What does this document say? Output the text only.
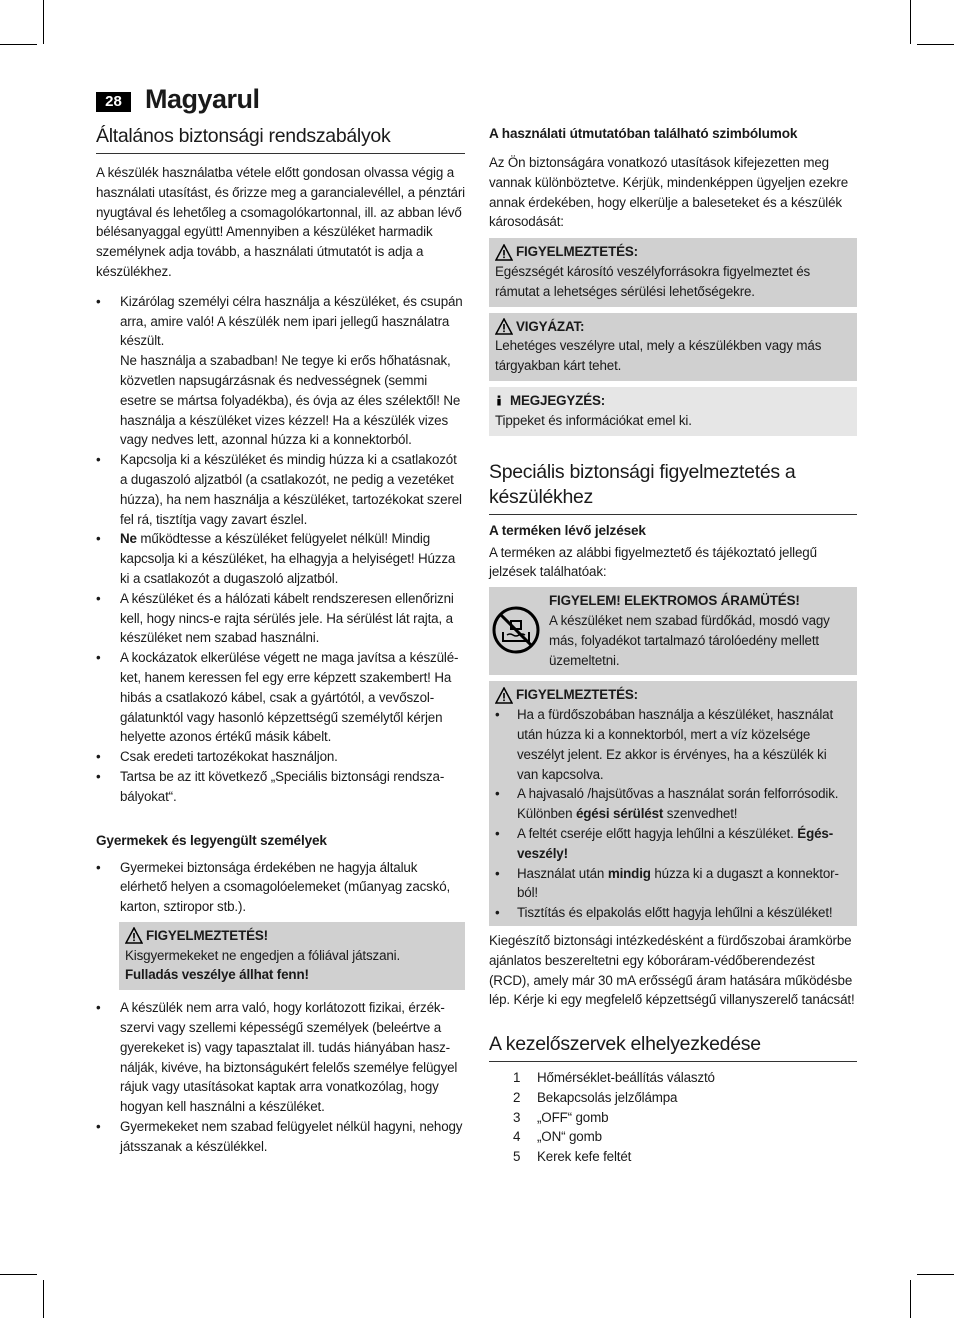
28 Magyarul
Általános biztonsági rendszabályok

A készülék használatba vétele előtt gondosan olvassa végig a használati utasítást, és őrizze meg a garancialevéllel, a pénztári nyugtával és lehetőleg a csomagolókartonnal, ill. az abban lévő bélésanyaggal együtt! Amennyiben a készüléket harmadik személynek adja tovább, a használati útmutatót is adja a készülékhez.

• Kizárólag személyi célra használja a készüléket, és csupán arra, amire való! A készülék nem ipari jellegű használatra készült.
Ne használja a szabadban! Ne tegye ki erős hőhatásnak, közvetlen napsugárzásnak és nedvességnek (semmi esetre se mártsa folyadékba), és óvja az éles szélektől! Ne használja a készüléket vizes kézzel! Ha a készülék vizes vagy nedves lett, azonnal húzza ki a konnektorból.
• Kapcsolja ki a készüléket és mindig húzza ki a csatlakozót a dugaszoló aljzatból (a csatlakozót, ne pedig a vezetéket húzza), ha nem használja a készüléket, tartozékokat szerel fel rá, tisztítja vagy zavart észlel.
• Ne működtesse a készüléket felügyelet nélkül! Mindig kapcsolja ki a készüléket, ha elhagyja a helyiséget! Húzza ki a csatlakozót a dugaszoló aljzatból.
• A készüléket és a hálózati kábelt rendszeresen ellenőrizni kell, hogy nincs-e rajta sérülés jele. Ha sérülést lát rajta, a készüléket nem szabad használni.
• A kockázatok elkerülése végett ne maga javítsa a készüléket, hanem keressen fel egy erre képzett szakembert! Ha hibás a csatlakozó kábel, csak a gyártótól, a vevőszolgálatunktól vagy hasonló képzettségű személytől kérjen helyette azonos értékű másik kábelt.
• Csak eredeti tartozékokat használjon.
• Tartsa be az itt következő „Speciális biztonsági rendszabályokat“.
Gyermekek és legyengült személyek
• Gyermekei biztonsága érdekében ne hagyja általuk elérhető helyen a csomagolóelemeket (műanyag zacskó, karton, sztiropor stb.).
FIGYELMEZTETÉS!
Kisgyermekeket ne engedjen a fóliával játszani.
Fulladás veszélye állhat fenn!
• A készülék nem arra való, hogy korlátozott fizikai, érzékszervi vagy szellemi képességű személyek (beleértve a gyerekeket is) vagy tapasztalat ill. tudás hiányában használják, kivéve, ha biztonságukért felelős személye felügyel rájuk vagy utasításokat kaptak arra vonatkozólag, hogy hogyan kell használni a készüléket.
• Gyermekeket nem szabad felügyelet nélkül hagyni, nehogy játsszanak a készülékkel.
A használati útmutatóban található szimbólumok

Az Ön biztonságára vonatkozó utasítások kifejezetten meg vannak különböztetve. Kérjük, mindenképpen ügyeljen ezekre annak érdekében, hogy elkerülje a baleseteket és a készülék károsodását:

FIGYELMEZTETÉS:
Egészségét károsító veszélyforrásokra figyelmeztet és rámutat a lehetséges sérülési lehetőségekre.
VIGYÁZAT:
Lehetéges veszélyre utal, mely a készülékben vagy más tárgyakban kárt tehet.
MEGJEGYZÉS:
Tippeket és információkat emel ki.
Speciális biztonsági figyelmeztetés a készülékhez
A terméken lévő jelzések

A terméken az alábbi figyelmeztető és tájékoztató jellegű jelzések találhatóak:

FIGYELEM! ELEKTROMOS ÁRAMÜTÉS!
A készüléket nem szabad fürdőkád, mosdó vagy más, folyadékot tartalmazó tárolóedény mellett üzemeltetni.
FIGYELMEZTETÉS:
• Ha a fürdőszobában használja a készüléket, használat után húzza ki a konnektorból, mert a víz közelsége veszélyt jelent. Ez akkor is érvényes, ha a készülék ki van kapcsolva.
• A hajvasaló /hajsütővas a használat során felforrósodik. Különben égési sérülést szenvedhet!
• A feltét cseréje előtt hagyja lehűlni a készüléket. Égésveszély!
• Használat után mindig húzza ki a dugaszt a konnektorból!
• Tisztítás és elpakolás előtt hagyja lehűlni a készüléket!

Kiegészítő biztonsági intézkedésként a fürdőszobai áramkörbe ajánlatos beszereltetni egy kóboráram-védőberendezést (RCD), amely már 30 mA erősségű áram hatására működésbe lép. Kérje ki egy megfelelő képzettségű villanyszerelő tanácsát!

A kezelőszervek elhelyezkedése
1 Hőmérséklet-beállítás választó
2 Bekapcsolás jelzőlámpa
3 „OFF“ gomb
4 „ON“ gomb
5 Kerek kefe feltét
